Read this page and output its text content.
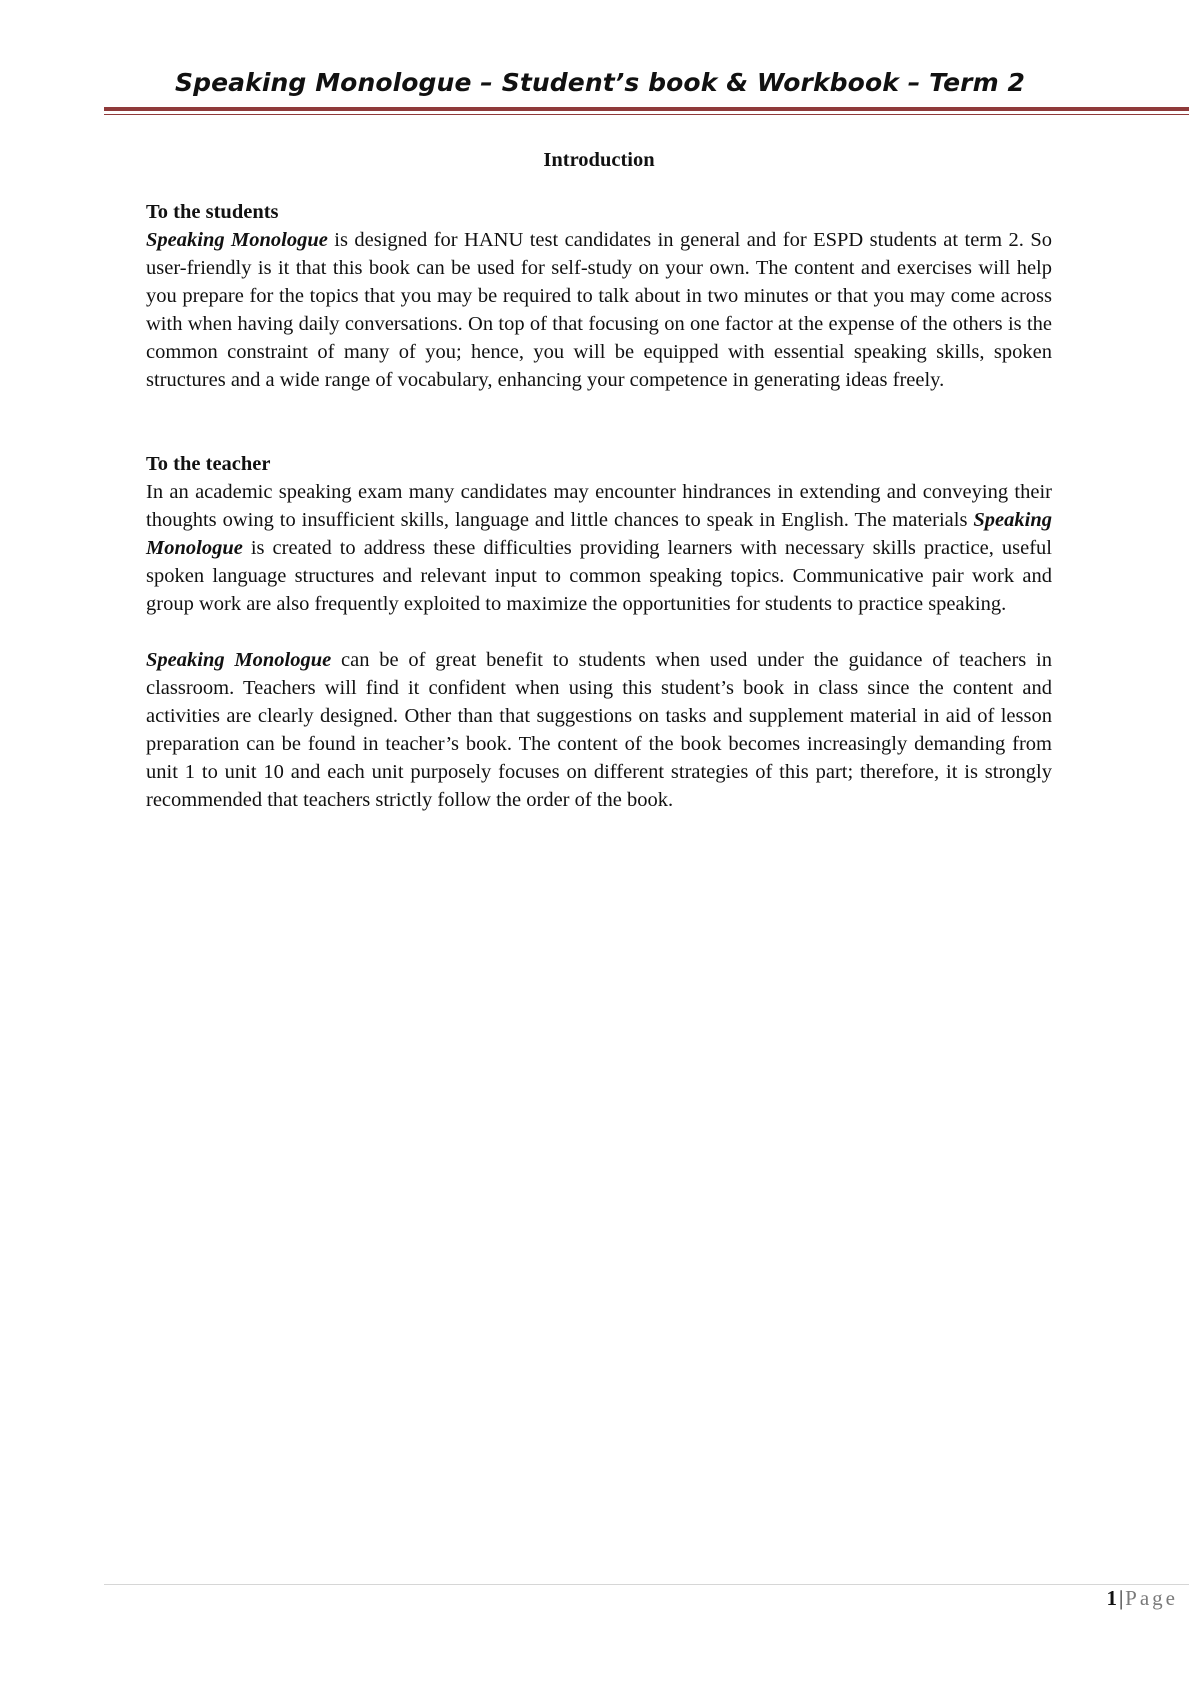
Speaking Monologue – Student’s book & Workbook – Term 2
Introduction
To the students

Speaking Monologue is designed for HANU test candidates in general and for ESPD students at term 2. So user-friendly is it that this book can be used for self-study on your own. The content and exercises will help you prepare for the topics that you may be required to talk about in two minutes or that you may come across with when having daily conversations. On top of that focusing on one factor at the expense of the others is the common constraint of many of you; hence, you will be equipped with essential speaking skills, spoken structures and a wide range of vocabulary, enhancing your competence in generating ideas freely.

To the teacher

In an academic speaking exam many candidates may encounter hindrances in extending and conveying their thoughts owing to insufficient skills, language and little chances to speak in English. The materials Speaking Monologue is created to address these difficulties providing learners with necessary skills practice, useful spoken language structures and relevant input to common speaking topics. Communicative pair work and group work are also frequently exploited to maximize the opportunities for students to practice speaking.

Speaking Monologue can be of great benefit to students when used under the guidance of teachers in classroom. Teachers will find it confident when using this student’s book in class since the content and activities are clearly designed. Other than that suggestions on tasks and supplement material in aid of lesson preparation can be found in teacher’s book. The content of the book becomes increasingly demanding from unit 1 to unit 10 and each unit purposely focuses on different strategies of this part; therefore, it is strongly recommended that teachers strictly follow the order of the book.

1|Page
